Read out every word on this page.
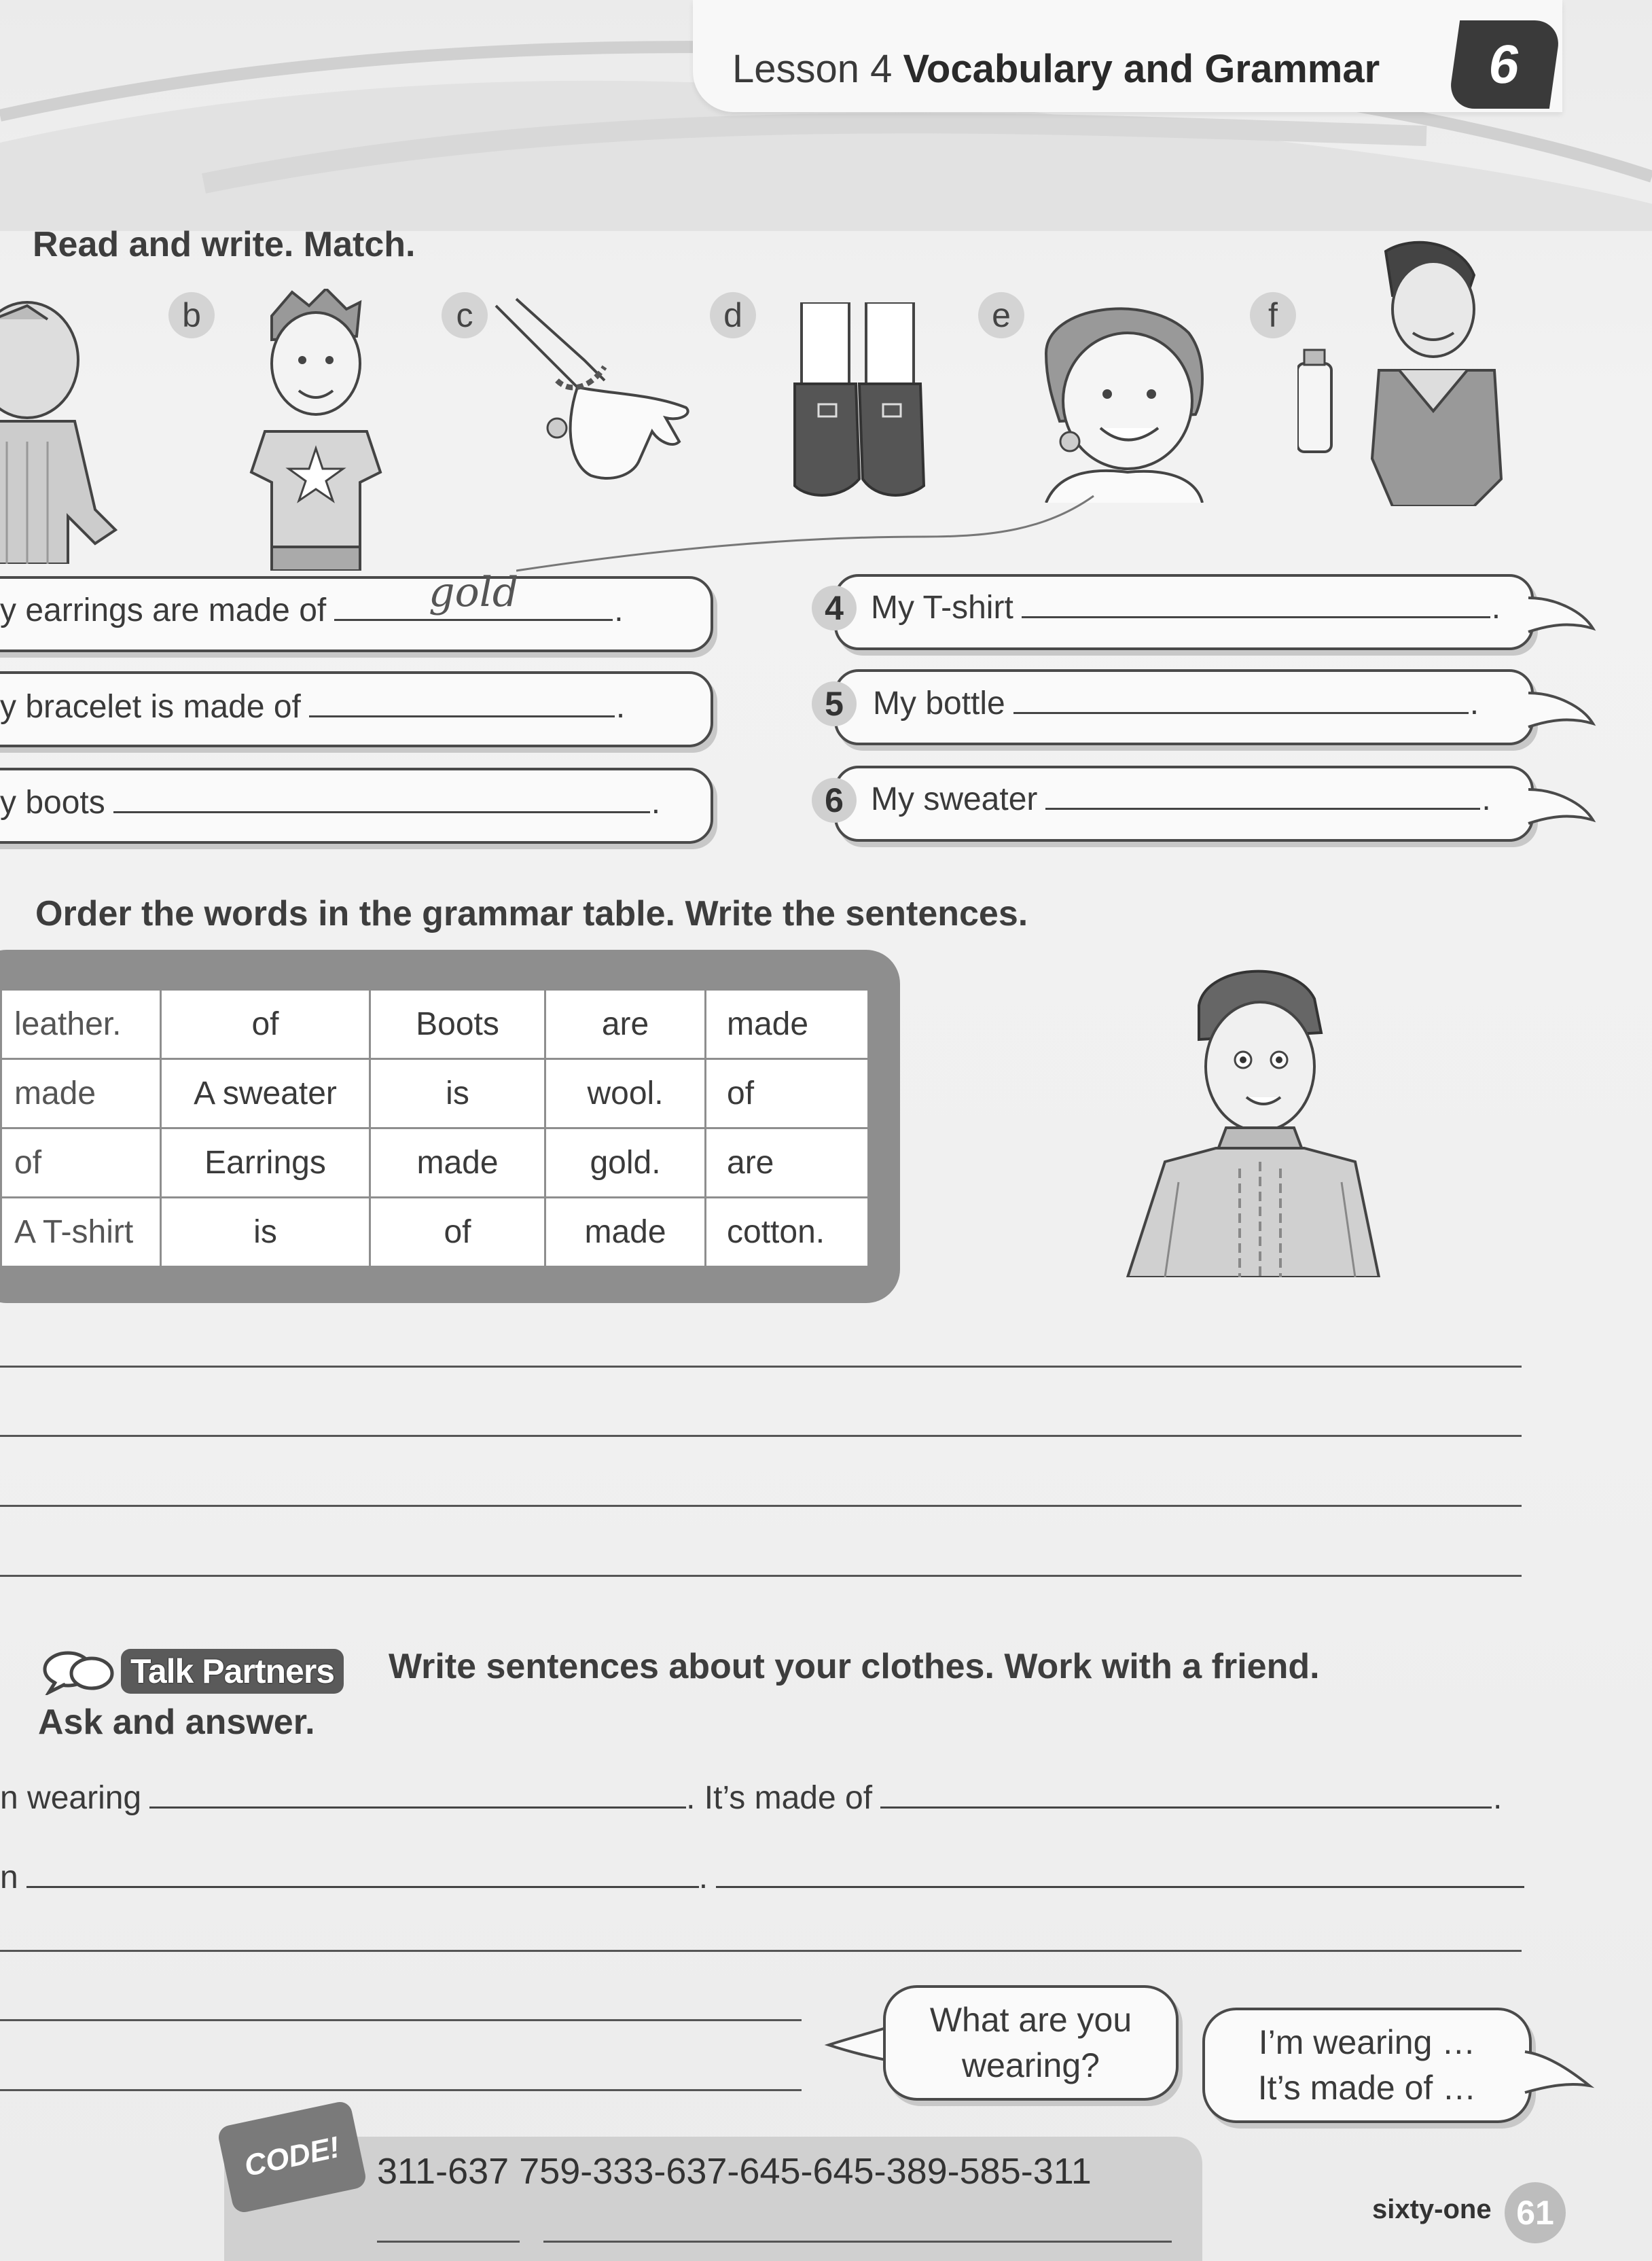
Lesson 4 Vocabulary and Grammar 6
Read and write. Match.
b	c	d	e	f
y earrings are made of	gold	.
y bracelet is made of	.
y boots	.
4
5
6
My T-shirt	.
My bottle	.
My sweater	.
Order the words in the grammar table. Write the sentences.
leather.	of	Boots	are	made
made	A sweater	is	wool.	of
of	Earrings	made	gold.	are
A T-shirt	is	of	made	cotton.
Talk Partners Write sentences about your clothes. Work with a friend.
Ask and answer.
n wearing	. It’s made of	.
n	.
What are you
wearing?
I’m wearing …
It’s made of …
CODE! 311-637 759-333-637-645-645-389-585-311
sixty-one 61
